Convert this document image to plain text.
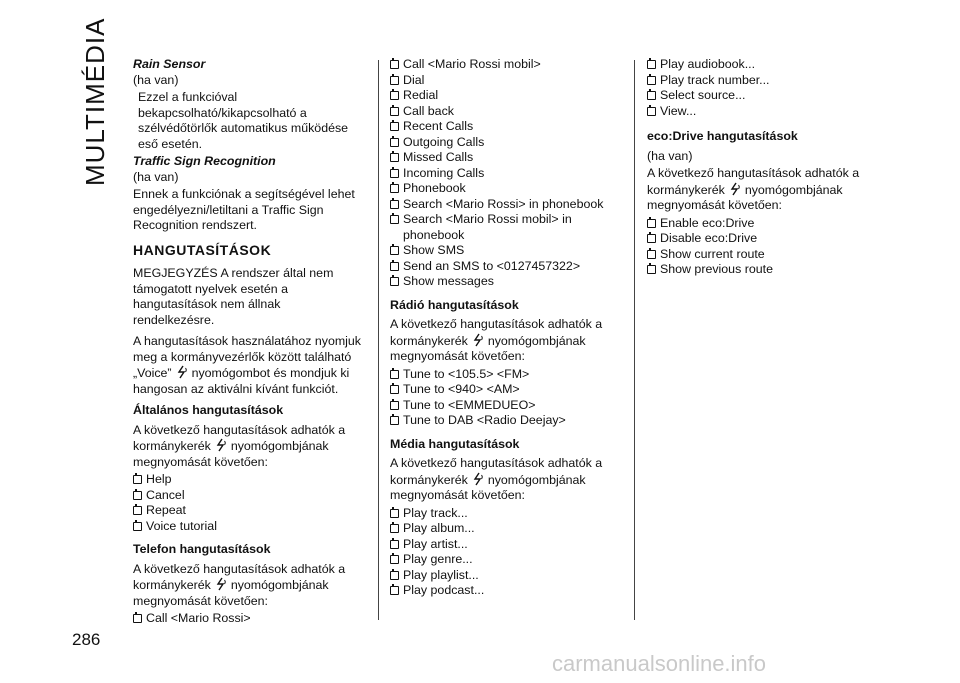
MULTIMÉDIA
286

Rain Sensor

(ha van)

Ezzel a funkcióval bekapcsolható/kikapcsolható a szélvédőtörlők automatikus működése eső esetén.

Traffic Sign Recognition

(ha van)

Ennek a funkciónak a segítségével lehet engedélyezni/letiltani a Traffic Sign Recognition rendszert.

HANGUTASÍTÁSOK

MEGJEGYZÉS A rendszer által nem támogatott nyelvek esetén a hangutasítások nem állnak rendelkezésre.

A hangutasítások használatához nyomjuk meg a kormányvezérlők között található „Voice” nyomógombot és mondjuk ki hangosan az aktiválni kívánt funkciót.

Általános hangutasítások

A következő hangutasítások adhatók a kormánykerék nyomógombjának megnyomását követően:

Help
Cancel
Repeat
Voice tutorial

Telefon hangutasítások

A következő hangutasítások adhatók a kormánykerék nyomógombjának megnyomását követően:

Call <Mario Rossi>
Call <Mario Rossi mobil>
Dial
Redial
Call back
Recent Calls
Outgoing Calls
Missed Calls
Incoming Calls
Phonebook
Search <Mario Rossi> in phonebook
Search <Mario Rossi mobil> in phonebook
Show SMS
Send an SMS to <0127457322>
Show messages

Rádió hangutasítások

A következő hangutasítások adhatók a kormánykerék nyomógombjának megnyomását követően:

Tune to <105.5> <FM>
Tune to <940> <AM>
Tune to <EMMEDUEO>
Tune to DAB <Radio Deejay>

Média hangutasítások

A következő hangutasítások adhatók a kormánykerék nyomógombjának megnyomását követően:

Play track...
Play album...
Play artist...
Play genre...
Play playlist...
Play podcast...
Play audiobook...
Play track number...
Select source...
View...

eco:Drive hangutasítások

(ha van)

A következő hangutasítások adhatók a kormánykerék nyomógombjának megnyomását követően:

Enable eco:Drive
Disable eco:Drive
Show current route
Show previous route
carmanualsonline.info
